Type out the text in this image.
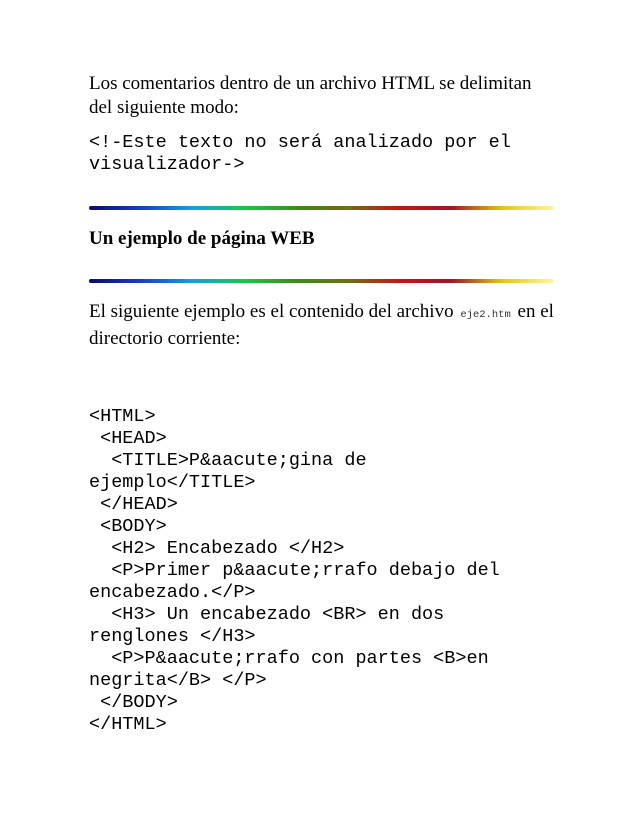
Los comentarios dentro de un archivo HTML se delimitan del siguiente modo:
<!-Este texto no será analizado por el
visualizador->
Un ejemplo de página WEB
El siguiente ejemplo es el contenido del archivo eje2.htm en el directorio corriente:
<HTML>
<HEAD>
<TITLE>P&aacute;gina de
ejemplo</TITLE>
</HEAD>
<BODY>
<H2> Encabezado </H2>
<P>Primer p&aacute;rrafo debajo del
encabezado.</P>
<H3> Un encabezado <BR> en dos
renglones </H3>
<P>P&aacute;rrafo con partes <B>en
negrita</B> </P>
</BODY>
</HTML>
